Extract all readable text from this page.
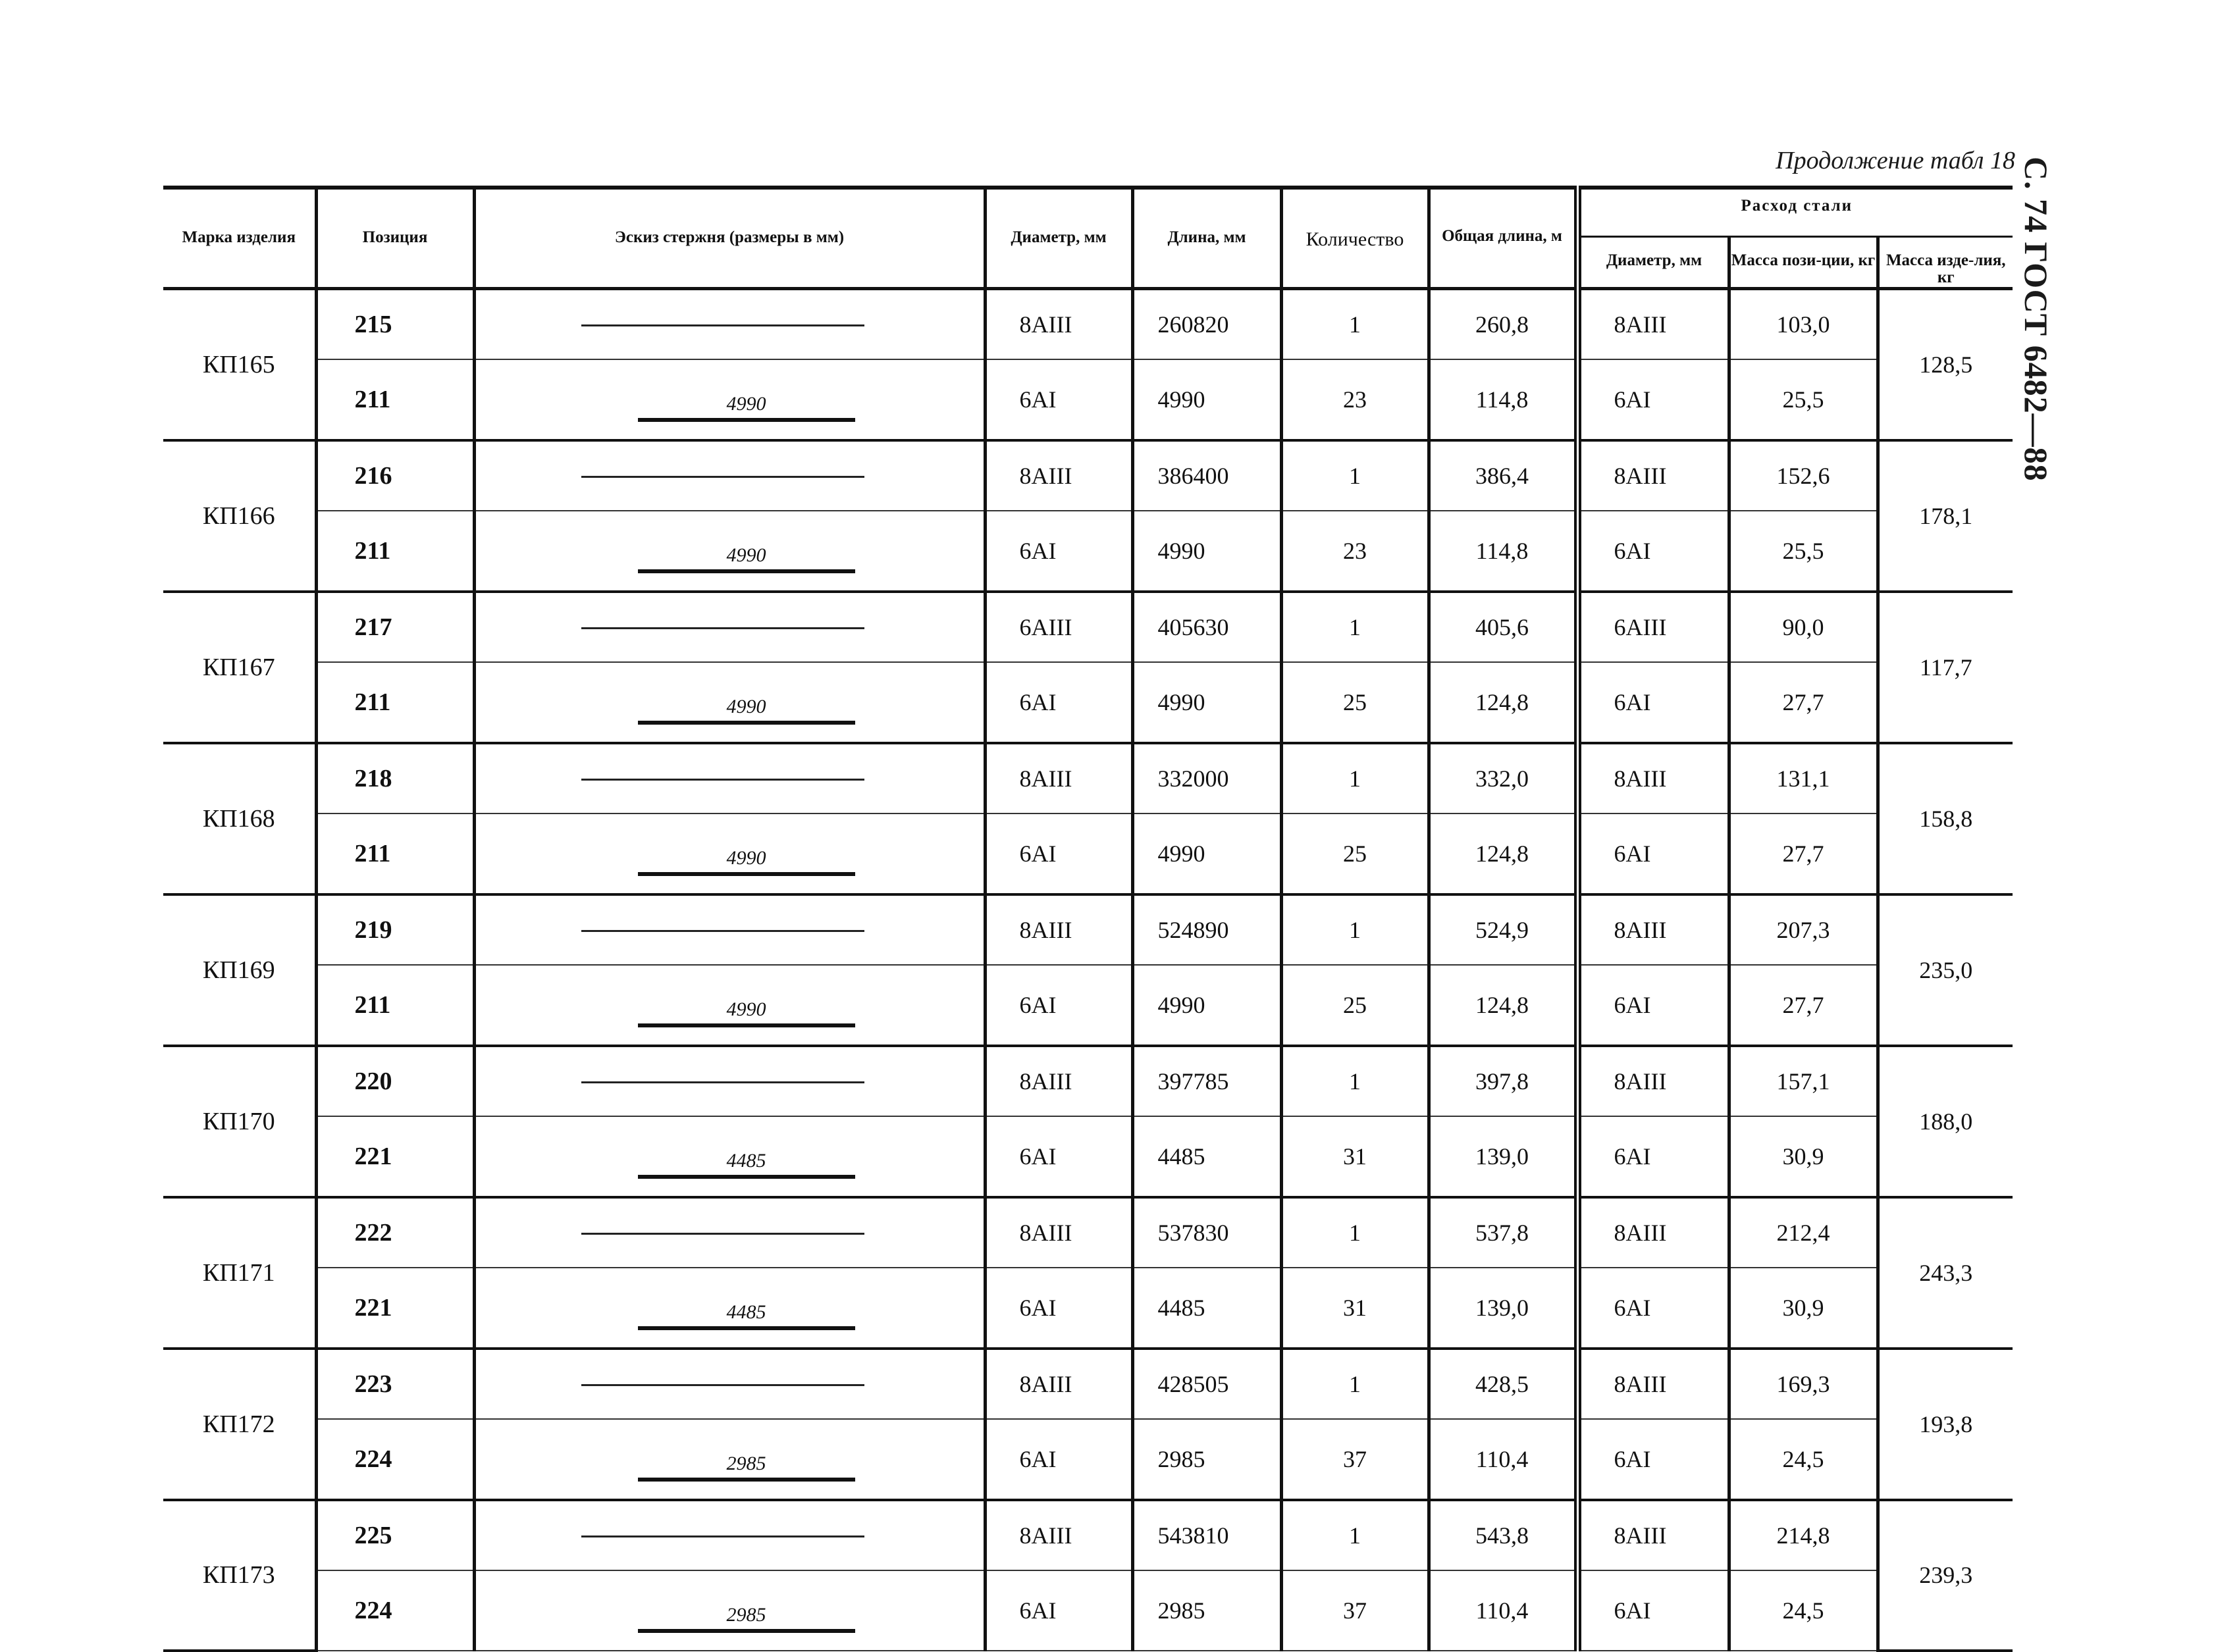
Продолжение табл 18 С. 74 ГОСТ 6482—88
Марка изделия	Позиция	Эскиз стержня (размеры в мм)	Диаметр, мм	Длина, мм	Количество	Общая длина, м	Расход стали		
							Диаметр, мм	Масса пози-ции, кг	Масса изде-лия, кг
КП165	215		8АIII	260820	1	260,8	8АIII	103,0	128,5
	211	4990	6АI	4990	23	114,8	6АI	25,5	
КП166	216		8АIII	386400	1	386,4	8АIII	152,6	178,1
	211	4990	6АI	4990	23	114,8	6АI	25,5	
КП167	217		6АIII	405630	1	405,6	6АIII	90,0	117,7
	211	4990	6АI	4990	25	124,8	6АI	27,7	
КП168	218		8АIII	332000	1	332,0	8АIII	131,1	158,8
	211	4990	6АI	4990	25	124,8	6АI	27,7	
КП169	219		8АIII	524890	1	524,9	8АIII	207,3	235,0
	211	4990	6АI	4990	25	124,8	6АI	27,7	
КП170	220		8АIII	397785	1	397,8	8АIII	157,1	188,0
	221	4485	6АI	4485	31	139,0	6АI	30,9	
КП171	222		8АIII	537830	1	537,8	8АIII	212,4	243,3
	221	4485	6АI	4485	31	139,0	6АI	30,9	
КП172	223		8АIII	428505	1	428,5	8АIII	169,3	193,8
	224	2985	6АI	2985	37	110,4	6АI	24,5	
КП173	225		8АIII	543810	1	543,8	8АIII	214,8	239,3
	224	2985	6АI	2985	37	110,4	6АI	24,5	
